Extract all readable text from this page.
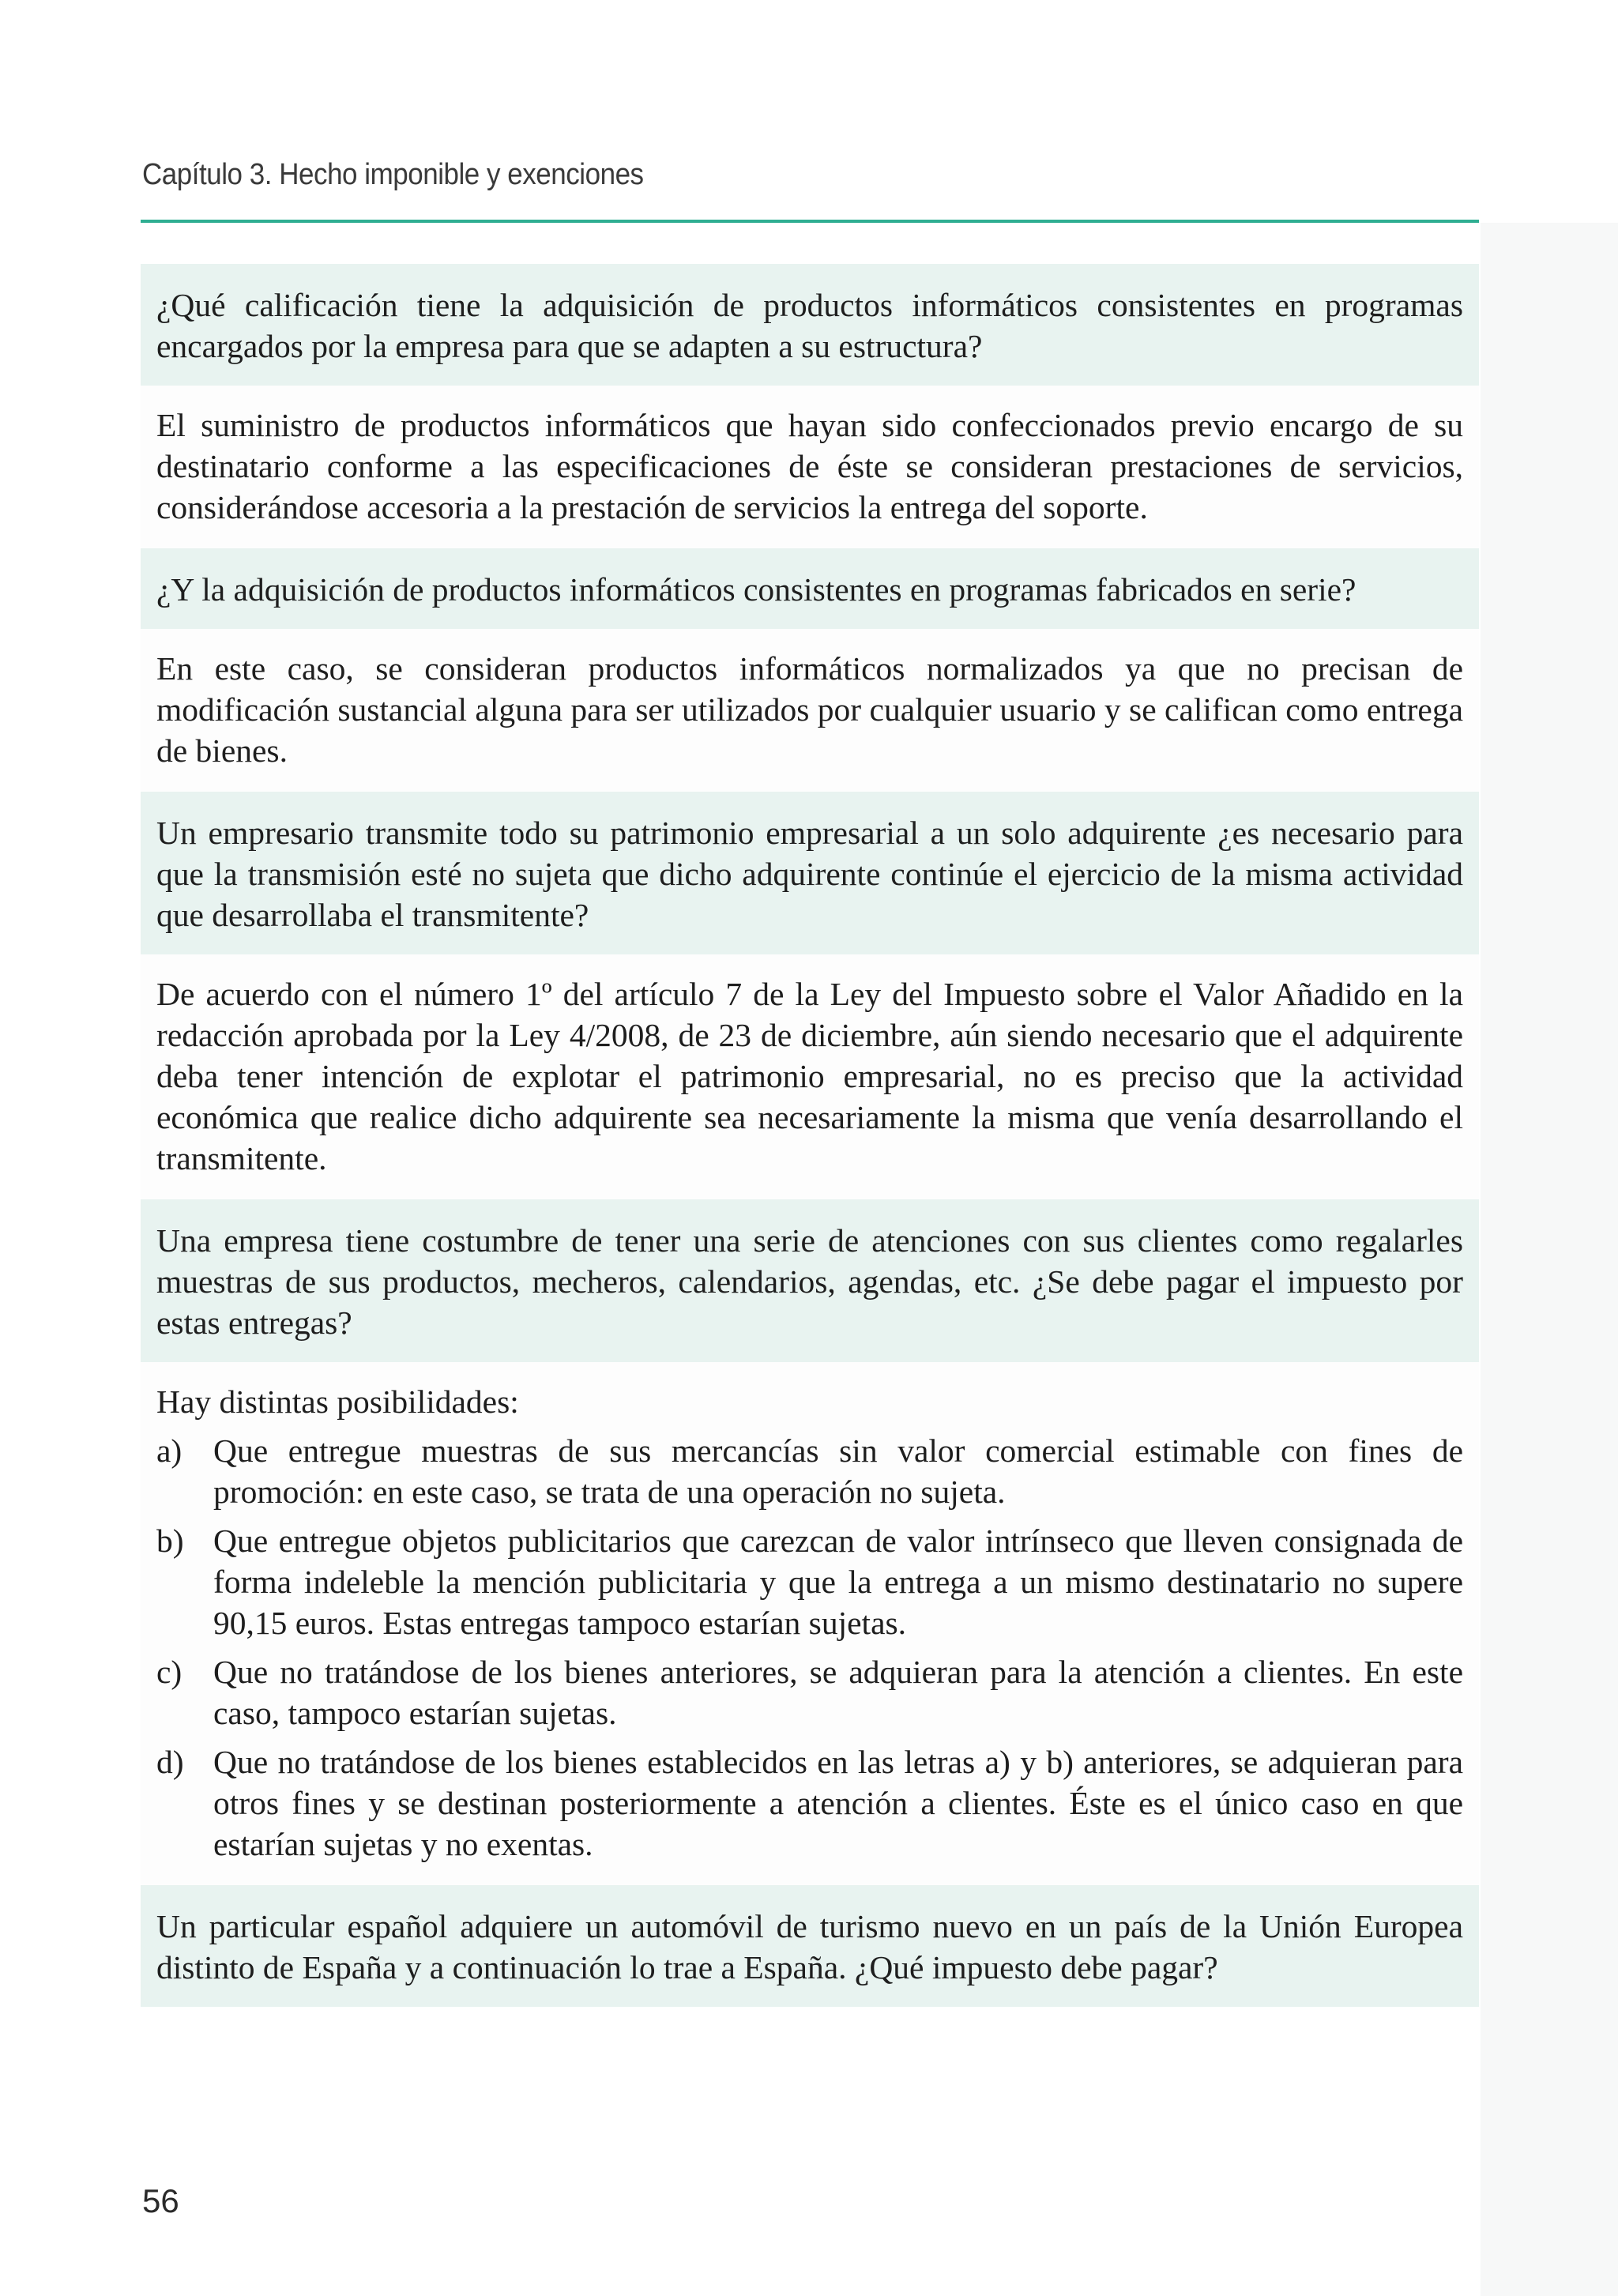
Capítulo 3. Hecho imponible y exenciones
¿Qué calificación tiene la adquisición de productos informáticos consistentes en programas encargados por la empresa para que se adapten a su estructura?
El suministro de productos informáticos que hayan sido confeccionados previo encargo de su destinatario conforme a las especificaciones de éste se consideran prestaciones de servicios, considerándose accesoria a la prestación de servicios la entrega del soporte.
¿Y la adquisición de productos informáticos consistentes en programas fabricados en serie?
En este caso, se consideran productos informáticos normalizados ya que no precisan de modificación sustancial alguna para ser utilizados por cualquier usuario y se califican como entrega de bienes.
Un empresario transmite todo su patrimonio empresarial a un solo adquirente ¿es necesario para que la transmisión esté no sujeta que dicho adquirente continúe el ejercicio de la misma actividad que desarrollaba el transmitente?
De acuerdo con el número 1º del artículo 7 de la Ley del Impuesto sobre el Valor Añadido en la redacción aprobada por la Ley 4/2008, de 23 de diciembre, aún siendo necesario que el adquirente deba tener intención de explotar el patrimonio empresarial, no es preciso que la actividad económica que realice dicho adquirente sea necesariamente la misma que venía desarrollando el transmitente.
Una empresa tiene costumbre de tener una serie de atenciones con sus clientes como regalarles muestras de sus productos, mecheros, calendarios, agendas, etc. ¿Se debe pagar el impuesto por estas entregas?
Hay distintas posibilidades:
a) Que entregue muestras de sus mercancías sin valor comercial estimable con fines de promoción: en este caso, se trata de una operación no sujeta.
b) Que entregue objetos publicitarios que carezcan de valor intrínseco que lleven consignada de forma indeleble la mención publicitaria y que la entrega a un mismo destinatario no supere 90,15 euros. Estas entregas tampoco estarían sujetas.
c) Que no tratándose de los bienes anteriores, se adquieran para la atención a clientes. En este caso, tampoco estarían sujetas.
d) Que no tratándose de los bienes establecidos en las letras a) y b) anteriores, se adquieran para otros fines y se destinan posteriormente a atención a clientes. Éste es el único caso en que estarían sujetas y no exentas.
Un particular español adquiere un automóvil de turismo nuevo en un país de la Unión Europea distinto de España y a continuación lo trae a España. ¿Qué impuesto debe pagar?
56
